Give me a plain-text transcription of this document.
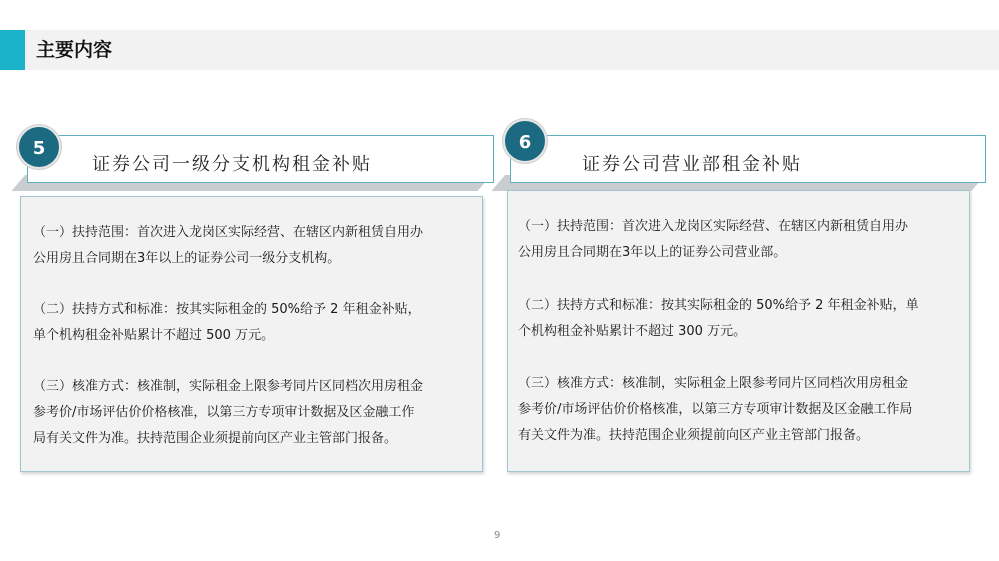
主要内容
证券公司一级分支机构租金补贴
5
（一）扶持范围：首次进入龙岗区实际经营、在辖区内新租赁自用办
公用房且合同期在3年以上的证券公司一级分支机构。
（二）扶持方式和标准：按其实际租金的 50%给予 2 年租金补贴，
单个机构租金补贴累计不超过 500 万元。
（三）核准方式：核准制，实际租金上限参考同片区同档次用房租金
参考价/市场评估价价格核准，以第三方专项审计数据及区金融工作
局有关文件为准。扶持范围企业须提前向区产业主管部门报备。
证券公司营业部租金补贴
6
（一）扶持范围：首次进入龙岗区实际经营、在辖区内新租赁自用办
公用房且合同期在3年以上的证券公司营业部。
（二）扶持方式和标准：按其实际租金的 50%给予 2 年租金补贴，单
个机构租金补贴累计不超过 300 万元。
（三）核准方式：核准制，实际租金上限参考同片区同档次用房租金
参考价/市场评估价价格核准，以第三方专项审计数据及区金融工作局
有关文件为准。扶持范围企业须提前向区产业主管部门报备。
9
